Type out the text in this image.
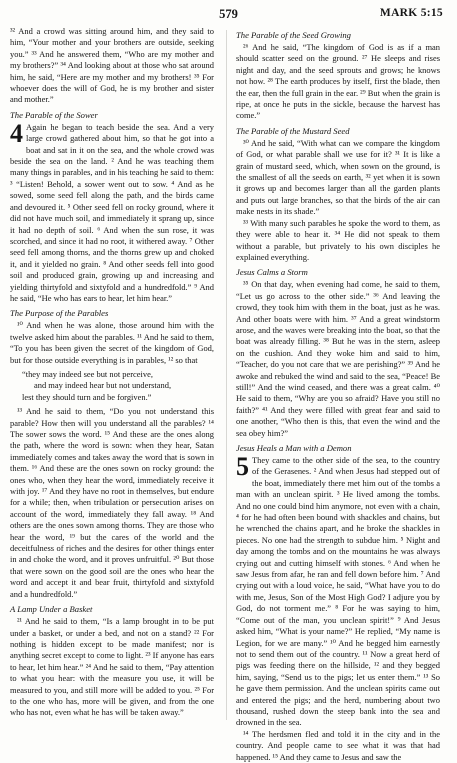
579	MARK 5:15

³² And a crowd was sitting around him, and they said to him, “Your mother and your brothers are outside, seeking you.” ³³ And he answered them, “Who are my mother and my brothers?” ³⁴ And looking about at those who sat around him, he said, “Here are my mother and my brothers! ³⁵ For whoever does the will of God, he is my brother and sister and mother.”

The Parable of the Sower

4 Again he began to teach beside the sea. And a very large crowd gathered about him, so that he got into a boat and sat in it on the sea, and the whole crowd was beside the sea on the land. ² And he was teaching them many things in parables, and in his teaching he said to them: ³ “Listen! Behold, a sower went out to sow. ⁴ And as he sowed, some seed fell along the path, and the birds came and devoured it. ⁵ Other seed fell on rocky ground, where it did not have much soil, and immediately it sprang up, since it had no depth of soil. ⁶ And when the sun rose, it was scorched, and since it had no root, it withered away. ⁷ Other seed fell among thorns, and the thorns grew up and choked it, and it yielded no grain. ⁸ And other seeds fell into good soil and produced grain, growing up and increasing and yielding thirtyfold and sixtyfold and a hundredfold.” ⁹ And he said, “He who has ears to hear, let him hear.”

The Purpose of the Parables

¹⁰ And when he was alone, those around him with the twelve asked him about the parables. ¹¹ And he said to them, “To you has been given the secret of the kingdom of God, but for those outside everything is in parables, ¹² so that

“they may indeed see but not perceive,
and may indeed hear but not understand,
lest they should turn and be forgiven.”

¹³ And he said to them, “Do you not understand this parable? How then will you understand all the parables? ¹⁴ The sower sows the word. ¹⁵ And these are the ones along the path, where the word is sown: when they hear, Satan immediately comes and takes away the word that is sown in them. ¹⁶ And these are the ones sown on rocky ground: the ones who, when they hear the word, immediately receive it with joy. ¹⁷ And they have no root in themselves, but endure for a while; then, when tribulation or persecution arises on account of the word, immediately they fall away. ¹⁸ And others are the ones sown among thorns. They are those who hear the word, ¹⁹ but the cares of the world and the deceitfulness of riches and the desires for other things enter in and choke the word, and it proves unfruitful. ²⁰ But those that were sown on the good soil are the ones who hear the word and accept it and bear fruit, thirtyfold and sixtyfold and a hundredfold.”

A Lamp Under a Basket

²¹ And he said to them, “Is a lamp brought in to be put under a basket, or under a bed, and not on a stand? ²² For nothing is hidden except to be made manifest; nor is anything secret except to come to light. ²³ If anyone has ears to hear, let him hear.” ²⁴ And he said to them, “Pay attention to what you hear: with the measure you use, it will be measured to you, and still more will be added to you. ²⁵ For to the one who has, more will be given, and from the one who has not, even what he has will be taken away.”

The Parable of the Seed Growing

²⁶ And he said, “The kingdom of God is as if a man should scatter seed on the ground. ²⁷ He sleeps and rises night and day, and the seed sprouts and grows; he knows not how. ²⁸ The earth produces by itself, first the blade, then the ear, then the full grain in the ear. ²⁹ But when the grain is ripe, at once he puts in the sickle, because the harvest has come.”

The Parable of the Mustard Seed

³⁰ And he said, “With what can we compare the kingdom of God, or what parable shall we use for it? ³¹ It is like a grain of mustard seed, which, when sown on the ground, is the smallest of all the seeds on earth, ³² yet when it is sown it grows up and becomes larger than all the garden plants and puts out large branches, so that the birds of the air can make nests in its shade.”

³³ With many such parables he spoke the word to them, as they were able to hear it. ³⁴ He did not speak to them without a parable, but privately to his own disciples he explained everything.

Jesus Calms a Storm

³⁵ On that day, when evening had come, he said to them, “Let us go across to the other side.” ³⁶ And leaving the crowd, they took him with them in the boat, just as he was. And other boats were with him. ³⁷ And a great windstorm arose, and the waves were breaking into the boat, so that the boat was already filling. ³⁸ But he was in the stern, asleep on the cushion. And they woke him and said to him, “Teacher, do you not care that we are perishing?” ³⁹ And he awoke and rebuked the wind and said to the sea, “Peace! Be still!” And the wind ceased, and there was a great calm. ⁴⁰ He said to them, “Why are you so afraid? Have you still no faith?” ⁴¹ And they were filled with great fear and said to one another, “Who then is this, that even the wind and the sea obey him?”

Jesus Heals a Man with a Demon

5 They came to the other side of the sea, to the country of the Gerasenes. ² And when Jesus had stepped out of the boat, immediately there met him out of the tombs a man with an unclean spirit. ³ He lived among the tombs. And no one could bind him anymore, not even with a chain, ⁴ for he had often been bound with shackles and chains, but he wrenched the chains apart, and he broke the shackles in pieces. No one had the strength to subdue him. ⁵ Night and day among the tombs and on the mountains he was always crying out and cutting himself with stones. ⁶ And when he saw Jesus from afar, he ran and fell down before him. ⁷ And crying out with a loud voice, he said, “What have you to do with me, Jesus, Son of the Most High God? I adjure you by God, do not torment me.” ⁸ For he was saying to him, “Come out of the man, you unclean spirit!” ⁹ And Jesus asked him, “What is your name?” He replied, “My name is Legion, for we are many.” ¹⁰ And he begged him earnestly not to send them out of the country. ¹¹ Now a great herd of pigs was feeding there on the hillside, ¹² and they begged him, saying, “Send us to the pigs; let us enter them.” ¹³ So he gave them permission. And the unclean spirits came out and entered the pigs; and the herd, numbering about two thousand, rushed down the steep bank into the sea and drowned in the sea.

¹⁴ The herdsmen fled and told it in the city and in the country. And people came to see what it was that had happened. ¹⁵ And they came to Jesus and saw the
